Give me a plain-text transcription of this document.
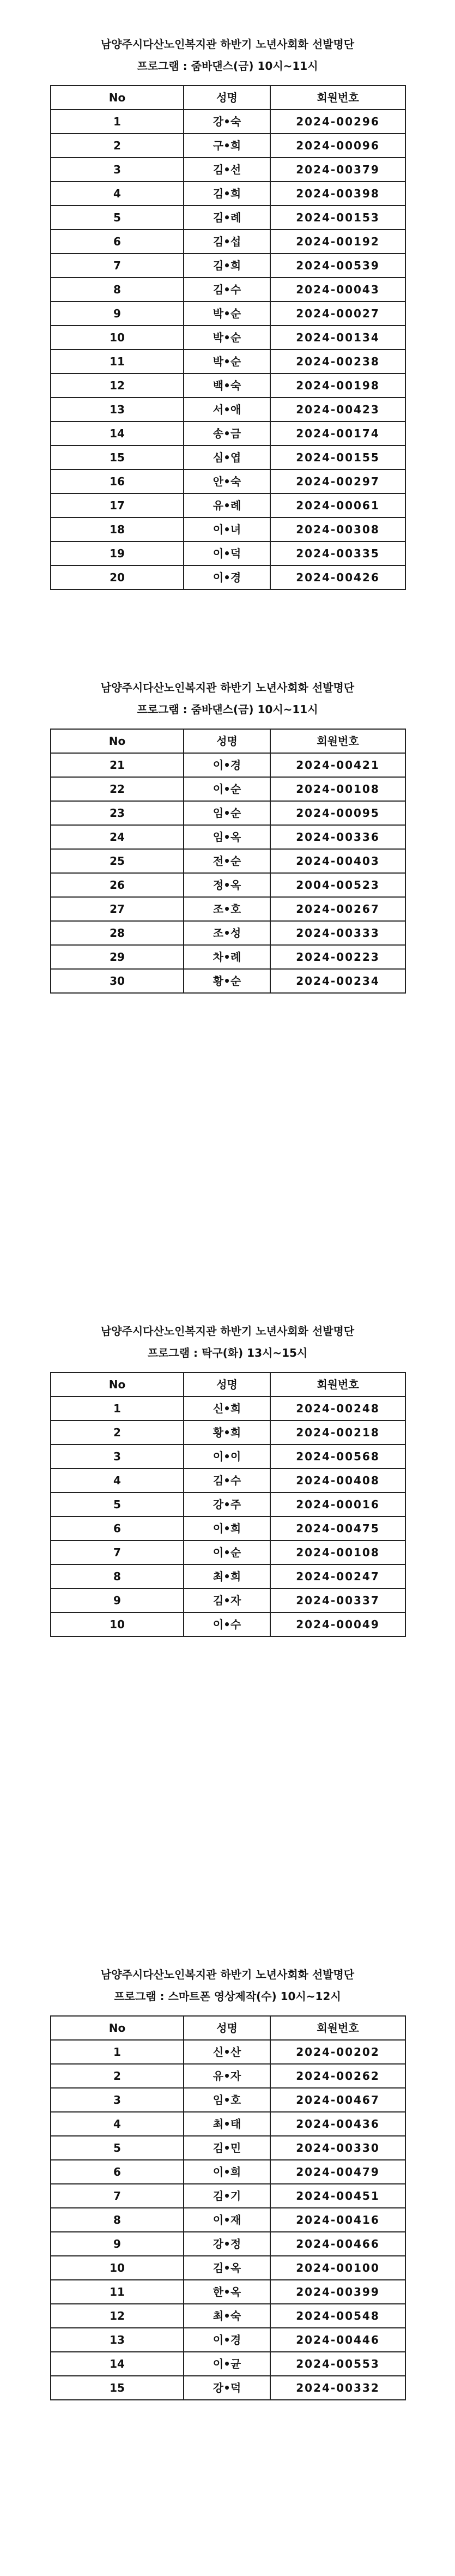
남양주시다산노인복지관 하반기 노년사회화 선발명단
프로그램 : 줌바댄스(금) 10시~11시
No	성명	회원번호
1	강•숙	2024-00296
2	구•희	2024-00096
3	김•선	2024-00379
4	김•희	2024-00398
5	김•례	2024-00153
6	김•섭	2024-00192
7	김•희	2024-00539
8	김•수	2024-00043
9	박•순	2024-00027
10	박•순	2024-00134
11	박•순	2024-00238
12	백•숙	2024-00198
13	서•애	2024-00423
14	송•금	2024-00174
15	심•엽	2024-00155
16	안•숙	2024-00297
17	유•례	2024-00061
18	이•녀	2024-00308
19	이•덕	2024-00335
20	이•경	2024-00426
남양주시다산노인복지관 하반기 노년사회화 선발명단
프로그램 : 줌바댄스(금) 10시~11시
No	성명	회원번호
21	이•경	2024-00421
22	이•순	2024-00108
23	임•순	2024-00095
24	임•옥	2024-00336
25	전•순	2024-00403
26	정•옥	2004-00523
27	조•호	2024-00267
28	조•성	2024-00333
29	차•례	2024-00223
30	황•순	2024-00234
남양주시다산노인복지관 하반기 노년사회화 선발명단
프로그램 : 탁구(화) 13시~15시
No	성명	회원번호
1	신•희	2024-00248
2	황•희	2024-00218
3	이•이	2024-00568
4	김•수	2024-00408
5	강•주	2024-00016
6	이•희	2024-00475
7	이•순	2024-00108
8	최•희	2024-00247
9	김•자	2024-00337
10	이•수	2024-00049
남양주시다산노인복지관 하반기 노년사회화 선발명단
프로그램 : 스마트폰 영상제작(수) 10시~12시
No	성명	회원번호
1	신•산	2024-00202
2	유•자	2024-00262
3	임•호	2024-00467
4	최•태	2024-00436
5	김•민	2024-00330
6	이•희	2024-00479
7	김•기	2024-00451
8	이•재	2024-00416
9	강•정	2024-00466
10	김•옥	2024-00100
11	한•옥	2024-00399
12	최•숙	2024-00548
13	이•경	2024-00446
14	이•균	2024-00553
15	강•덕	2024-00332
